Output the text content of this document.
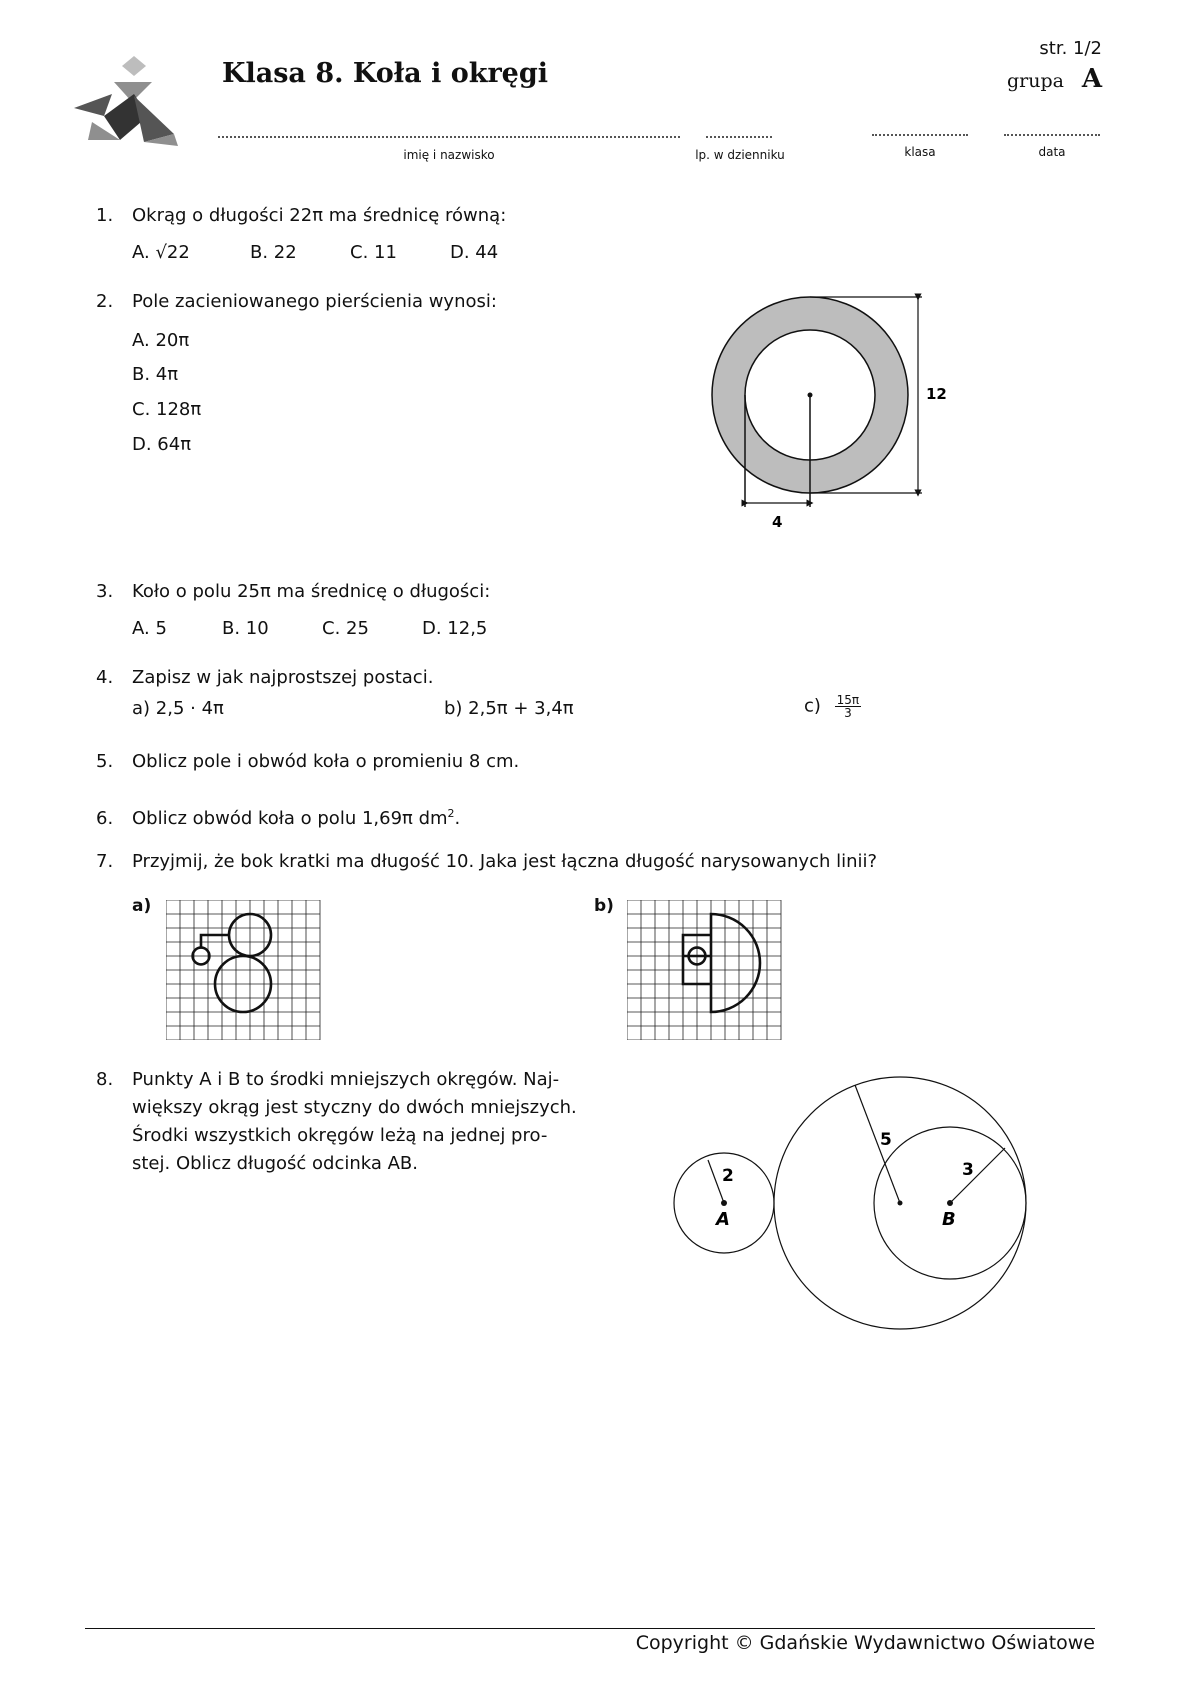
Klasa 8. Koła i okręgi
str. 1/2
grupa A
imię i nazwisko	lp. w dzienniku	klasa	data
1. Okrąg o długości 22π ma średnicę równą:
A. √22	B. 22	C. 11	D. 44
2. Pole zacieniowanego pierścienia wynosi:
A. 20π
B. 4π
C. 128π
D. 64π
12
4
3. Koło o polu 25π ma średnicę o długości:
A. 5	B. 10	C. 25	D. 12,5
4. Zapisz w jak najprostszej postaci.
a) 2,5 · 4π	b) 2,5π + 3,4π	$c) \frac{15\pi}{3}$
5. Oblicz pole i obwód koła o promieniu 8 cm.
6. Oblicz obwód koła o polu 1,69π $dm^2$.
7. Przyjmij, że bok kratki ma długość 10. Jaka jest łączna długość narysowanych linii?
a)	b)
8. Punkty A i B to środki mniejszych okręgów. Naj-
większy okrąg jest styczny do dwóch mniejszych.
Środki wszystkich okręgów leżą na jednej pro-
stej. Oblicz długość odcinka AB.
2
5
3
A	B
Copyright © Gdańskie Wydawnictwo Oświatowe
